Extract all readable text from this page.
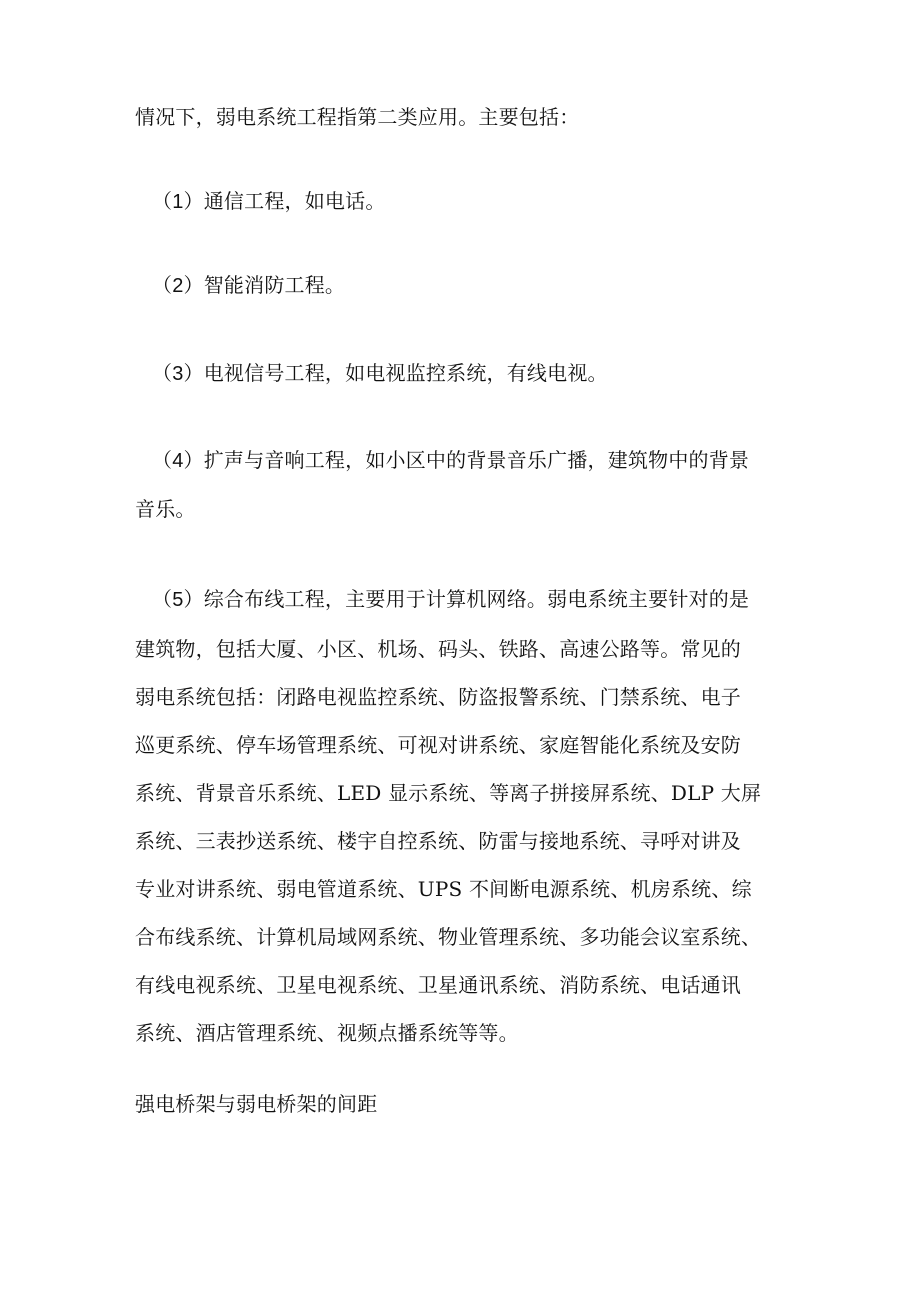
情况下，弱电系统工程指第二类应用。主要包括：
（1）通信工程，如电话。
（2）智能消防工程。
（3）电视信号工程，如电视监控系统，有线电视。
（4）扩声与音响工程，如小区中的背景音乐广播，建筑物中的背景
音乐。
（5）综合布线工程，主要用于计算机网络。弱电系统主要针对的是
建筑物，包括大厦、小区、机场、码头、铁路、高速公路等。常见的
弱电系统包括：闭路电视监控系统、防盗报警系统、门禁系统、电子
巡更系统、停车场管理系统、可视对讲系统、家庭智能化系统及安防
系统、背景音乐系统、LED 显示系统、等离子拼接屏系统、DLP 大屏
系统、三表抄送系统、楼宇自控系统、防雷与接地系统、寻呼对讲及
专业对讲系统、弱电管道系统、UPS 不间断电源系统、机房系统、综
合布线系统、计算机局域网系统、物业管理系统、多功能会议室系统、
有线电视系统、卫星电视系统、卫星通讯系统、消防系统、电话通讯
系统、酒店管理系统、视频点播系统等等。
强电桥架与弱电桥架的间距
